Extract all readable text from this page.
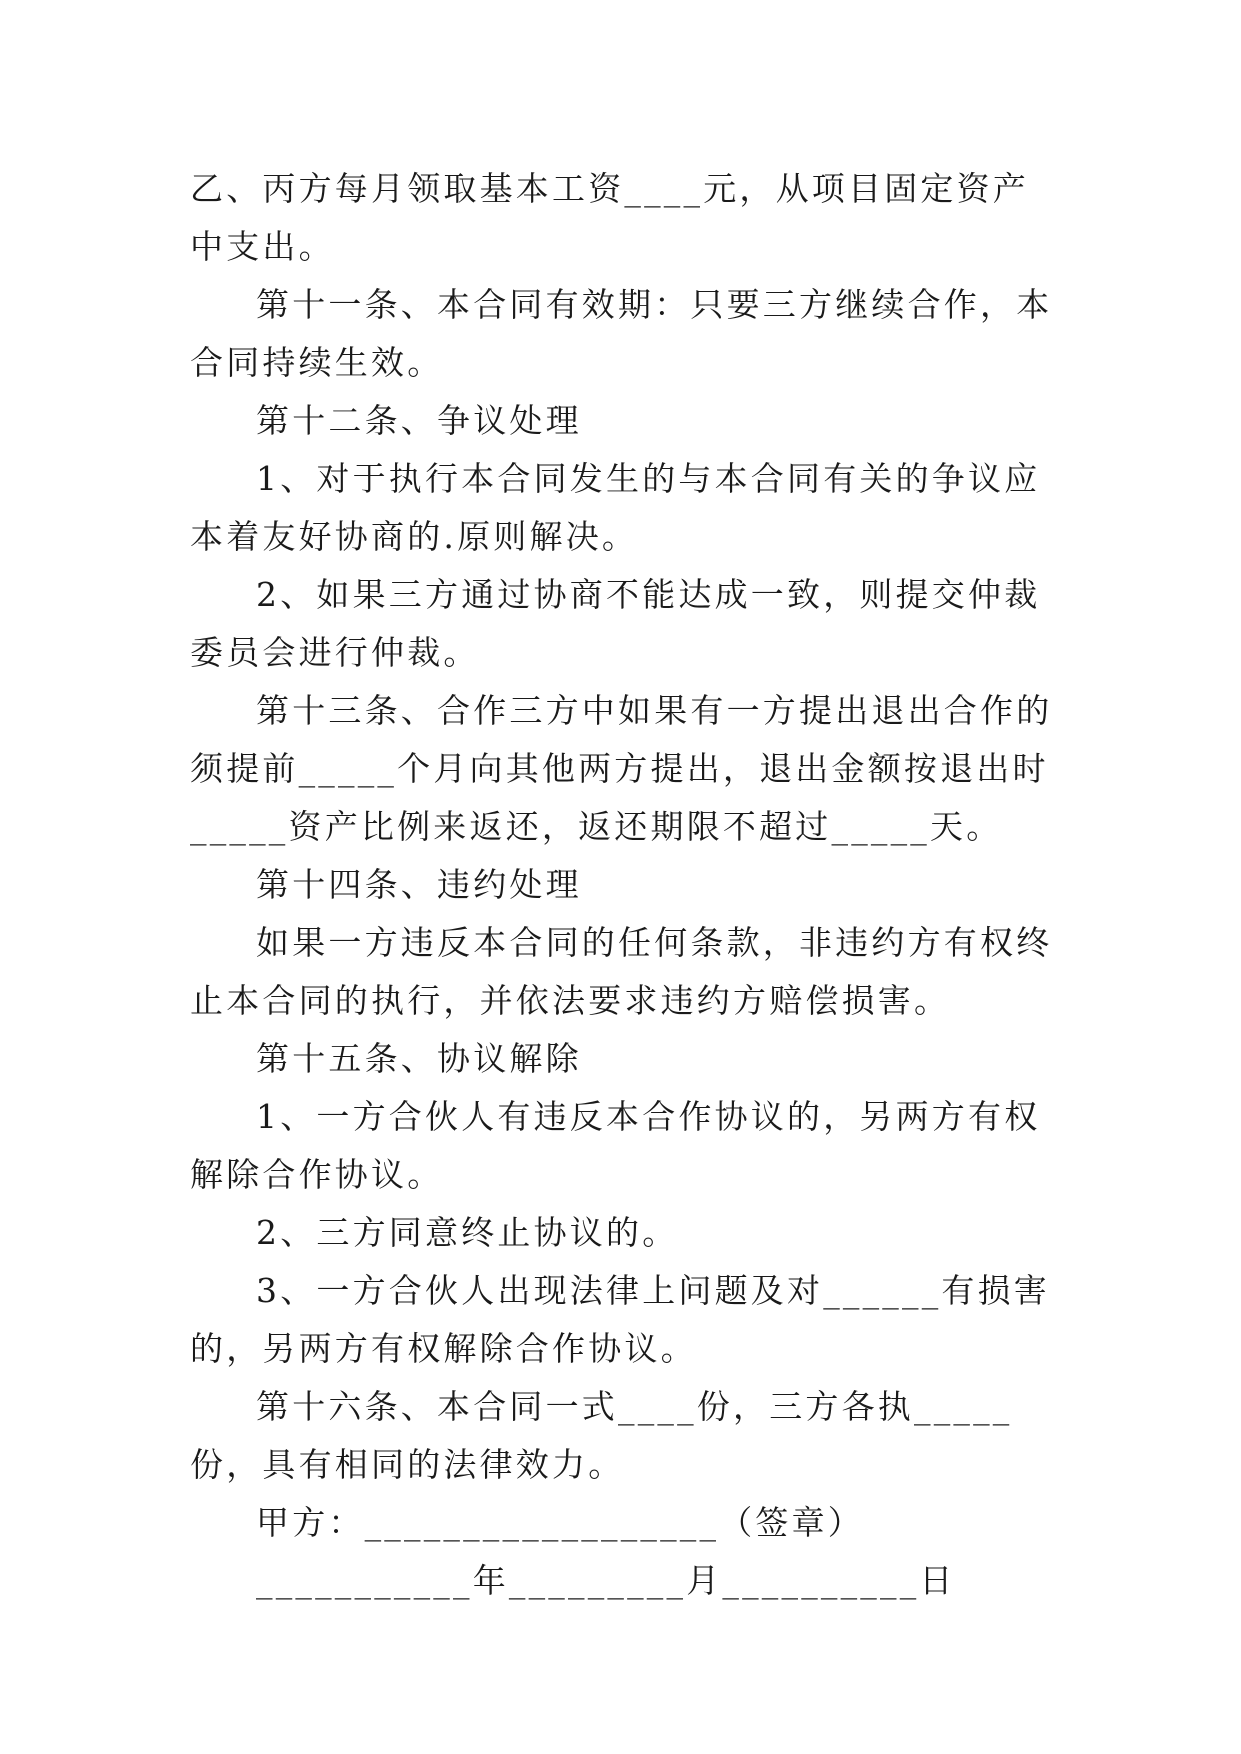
乙、丙方每月领取基本工资____元，从项目固定资产中支出。

第十一条、本合同有效期：只要三方继续合作，本合同持续生效。

第十二条、争议处理

1、对于执行本合同发生的与本合同有关的争议应本着友好协商的.原则解决。

2、如果三方通过协商不能达成一致，则提交仲裁委员会进行仲裁。

第十三条、合作三方中如果有一方提出退出合作的须提前_____个月向其他两方提出，退出金额按退出时_____资产比例来返还，返还期限不超过_____天。

第十四条、违约处理

如果一方违反本合同的任何条款，非违约方有权终止本合同的执行，并依法要求违约方赔偿损害。

第十五条、协议解除

1、一方合伙人有违反本合作协议的，另两方有权解除合作协议。

2、三方同意终止协议的。

3、一方合伙人出现法律上问题及对______有损害的，另两方有权解除合作协议。

第十六条、本合同一式____份，三方各执_____份，具有相同的法律效力。

甲方：__________________（签章）

___________年_________月__________日
